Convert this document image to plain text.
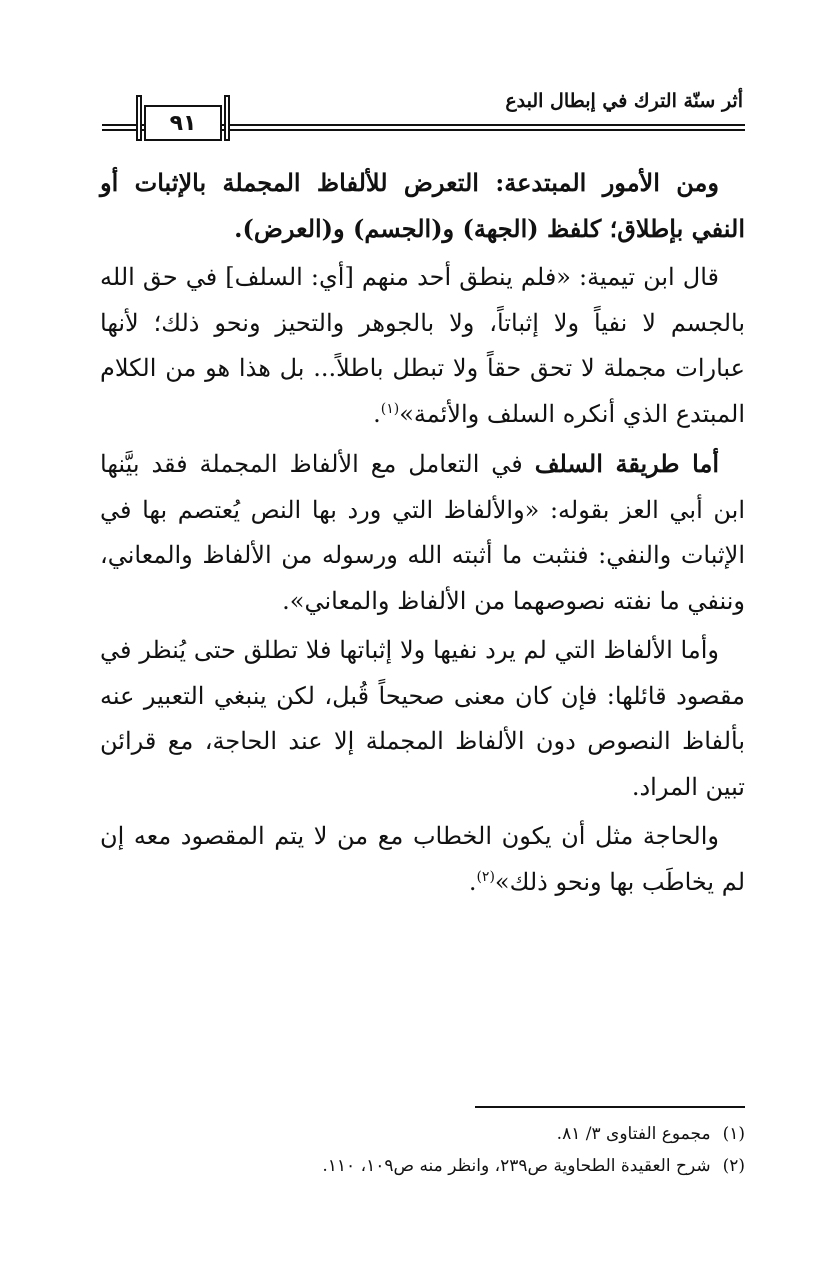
أثر سنّة الترك في إبطال البدع
٩١

ومن الأمور المبتدعة: التعرض للألفاظ المجملة بالإثبات أو النفي بإطلاق؛ كلفظ (الجهة) و(الجسم) و(العرض).

قال ابن تيمية: «فلم ينطق أحد منهم [أي: السلف] في حق الله بالجسم لا نفياً ولا إثباتاً، ولا بالجوهر والتحيز ونحو ذلك؛ لأنها عبارات مجملة لا تحق حقاً ولا تبطل باطلاً... بل هذا هو من الكلام المبتدع الذي أنكره السلف والأئمة»$^{(١)}$.

أما طريقة السلف في التعامل مع الألفاظ المجملة فقد بيَّنها ابن أبي العز بقوله: «والألفاظ التي ورد بها النص يُعتصم بها في الإثبات والنفي: فنثبت ما أثبته الله ورسوله من الألفاظ والمعاني، وننفي ما نفته نصوصهما من الألفاظ والمعاني».

وأما الألفاظ التي لم يرد نفيها ولا إثباتها فلا تطلق حتى يُنظر في مقصود قائلها: فإن كان معنى صحيحاً قُبل، لكن ينبغي التعبير عنه بألفاظ النصوص دون الألفاظ المجملة إلا عند الحاجة، مع قرائن تبين المراد.

والحاجة مثل أن يكون الخطاب مع من لا يتم المقصود معه إن لم يخاطَب بها ونحو ذلك»$^{(٢)}$.

(١)مجموع الفتاوى ٣/ ٨١.
(٢)شرح العقيدة الطحاوية ص٢٣٩، وانظر منه ص١٠٩، ١١٠.
